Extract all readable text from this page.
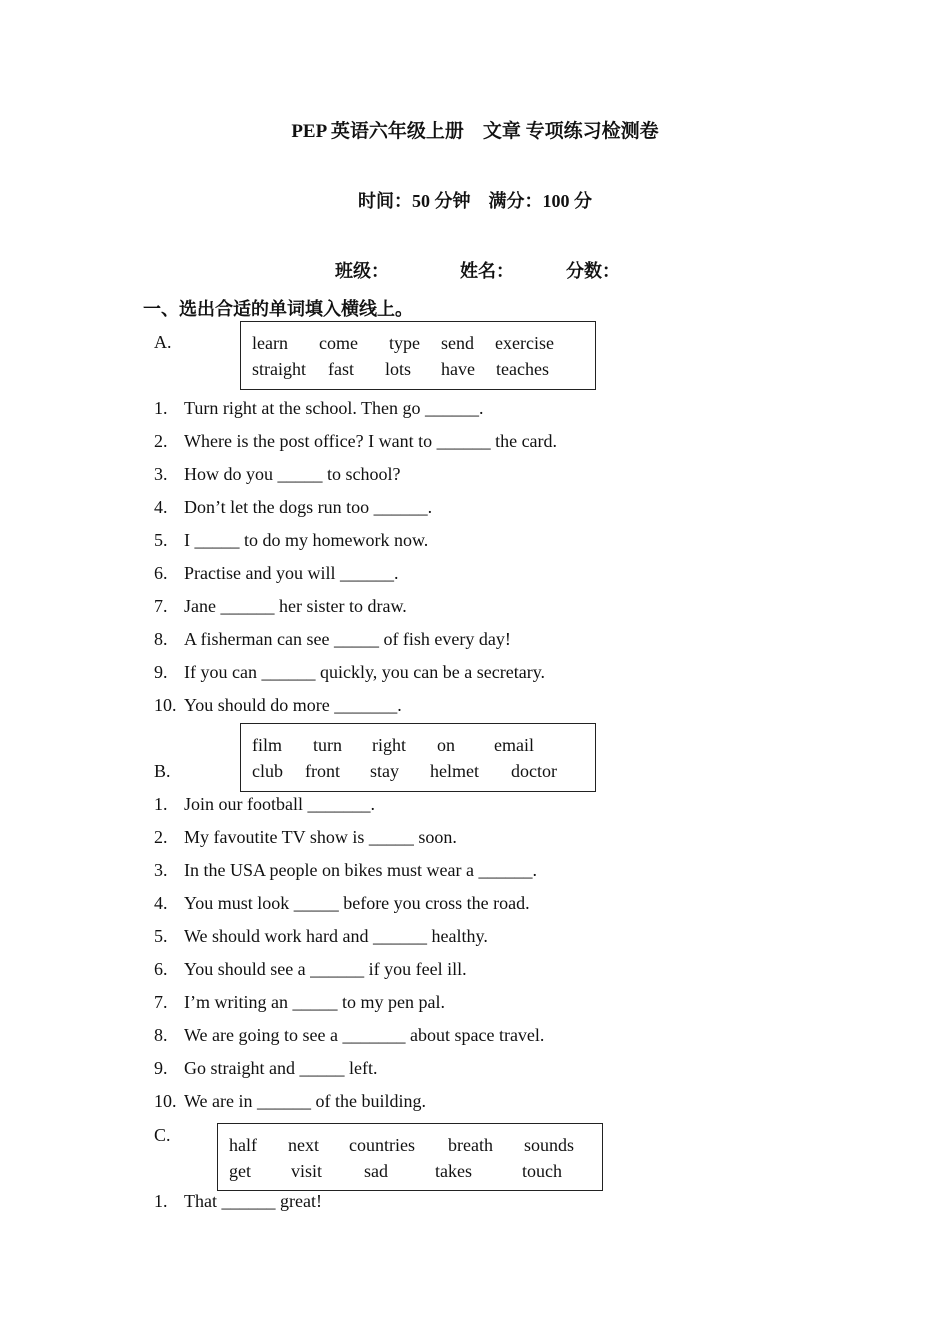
PEP 英语六年级上册　文章 专项练习检测卷
时间：50 分钟　满分：100 分
班级：	姓名：	分数：
一、选出合适的单词填入横线上。
A.	learn come type send exercise
straight fast lots have teaches
1. Turn right at the school. Then go ______.
2. Where is the post office? I want to ______ the card.
3. How do you _____ to school?
4. Don’t let the dogs run too ______.
5. I _____ to do my homework now.
6. Practise and you will ______.
7. Jane ______ her sister to draw.
8. A fisherman can see _____ of fish every day!
9. If you can ______ quickly, you can be a secretary.
10. You should do more _______.
B.
film turn right on email
club front stay helmet doctor
1. Join our football _______.
2. My favoutite TV show is _____ soon.
3. In the USA people on bikes must wear a ______.
4. You must look _____ before you cross the road.
5. We should work hard and ______ healthy.
6. You should see a ______ if you feel ill.
7. I’m writing an _____ to my pen pal.
8. We are going to see a _______ about space travel.
9. Go straight and _____ left.
10. We are in ______ of the building.
C.	half next countries breath sounds
get visit sad	takes	touch
1. That ______ great!
